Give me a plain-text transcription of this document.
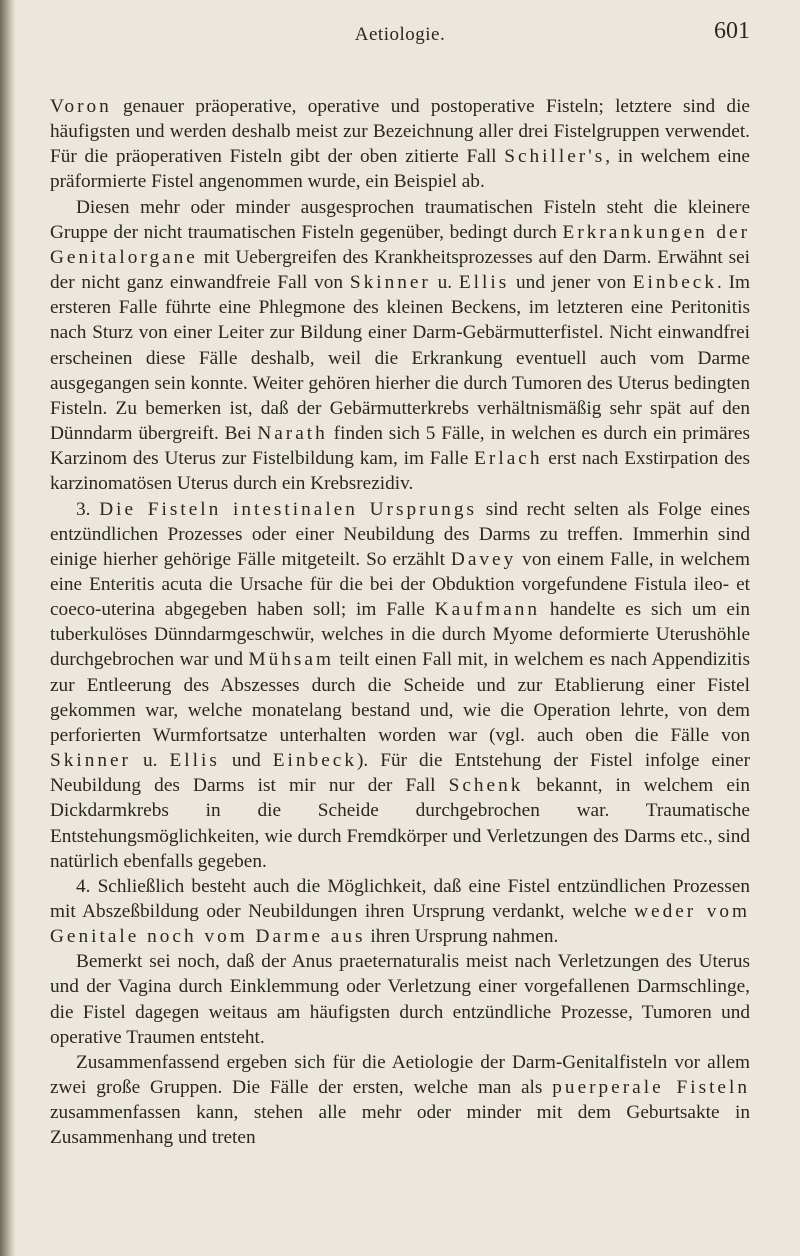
Aetiologie.	601

Voron genauer präoperative, operative und postoperative Fisteln; letztere sind die häufigsten und werden deshalb meist zur Bezeichnung aller drei Fistelgruppen verwendet. Für die präoperativen Fisteln gibt der oben zitierte Fall Schiller's, in welchem eine präformierte Fistel angenommen wurde, ein Beispiel ab.

Diesen mehr oder minder ausgesprochen traumatischen Fisteln steht die kleinere Gruppe der nicht traumatischen Fisteln gegenüber, bedingt durch Erkrankungen der Genitalorgane mit Uebergreifen des Krankheitsprozesses auf den Darm. Erwähnt sei der nicht ganz einwandfreie Fall von Skinner u. Ellis und jener von Einbeck. Im ersteren Falle führte eine Phlegmone des kleinen Beckens, im letzteren eine Peritonitis nach Sturz von einer Leiter zur Bildung einer Darm-Gebärmutterfistel. Nicht einwandfrei erscheinen diese Fälle deshalb, weil die Erkrankung eventuell auch vom Darme ausgegangen sein konnte. Weiter gehören hierher die durch Tumoren des Uterus bedingten Fisteln. Zu bemerken ist, daß der Gebärmutterkrebs verhältnismäßig sehr spät auf den Dünndarm übergreift. Bei Narath finden sich 5 Fälle, in welchen es durch ein primäres Karzinom des Uterus zur Fistelbildung kam, im Falle Erlach erst nach Exstirpation des karzinomatösen Uterus durch ein Krebsrezidiv.

3. Die Fisteln intestinalen Ursprungs sind recht selten als Folge eines entzündlichen Prozesses oder einer Neubildung des Darms zu treffen. Immerhin sind einige hierher gehörige Fälle mitgeteilt. So erzählt Davey von einem Falle, in welchem eine Enteritis acuta die Ursache für die bei der Obduktion vorgefundene Fistula ileo- et coeco-uterina abgegeben haben soll; im Falle Kaufmann handelte es sich um ein tuberkulöses Dünndarmgeschwür, welches in die durch Myome deformierte Uterushöhle durchgebrochen war und Mühsam teilt einen Fall mit, in welchem es nach Appendizitis zur Entleerung des Abszesses durch die Scheide und zur Etablierung einer Fistel gekommen war, welche monatelang bestand und, wie die Operation lehrte, von dem perforierten Wurmfortsatze unterhalten worden war (vgl. auch oben die Fälle von Skinner u. Ellis und Einbeck). Für die Entstehung der Fistel infolge einer Neubildung des Darms ist mir nur der Fall Schenk bekannt, in welchem ein Dickdarmkrebs in die Scheide durchgebrochen war. Traumatische Entstehungsmöglichkeiten, wie durch Fremdkörper und Verletzungen des Darms etc., sind natürlich ebenfalls gegeben.

4. Schließlich besteht auch die Möglichkeit, daß eine Fistel entzündlichen Prozessen mit Abszeßbildung oder Neubildungen ihren Ursprung verdankt, welche weder vom Genitale noch vom Darme aus ihren Ursprung nahmen.

Bemerkt sei noch, daß der Anus praeternaturalis meist nach Verletzungen des Uterus und der Vagina durch Einklemmung oder Verletzung einer vorgefallenen Darmschlinge, die Fistel dagegen weitaus am häufigsten durch entzündliche Prozesse, Tumoren und operative Traumen entsteht.

Zusammenfassend ergeben sich für die Aetiologie der Darm-Genitalfisteln vor allem zwei große Gruppen. Die Fälle der ersten, welche man als puerperale Fisteln zusammenfassen kann, stehen alle mehr oder minder mit dem Geburtsakte in Zusammenhang und treten
